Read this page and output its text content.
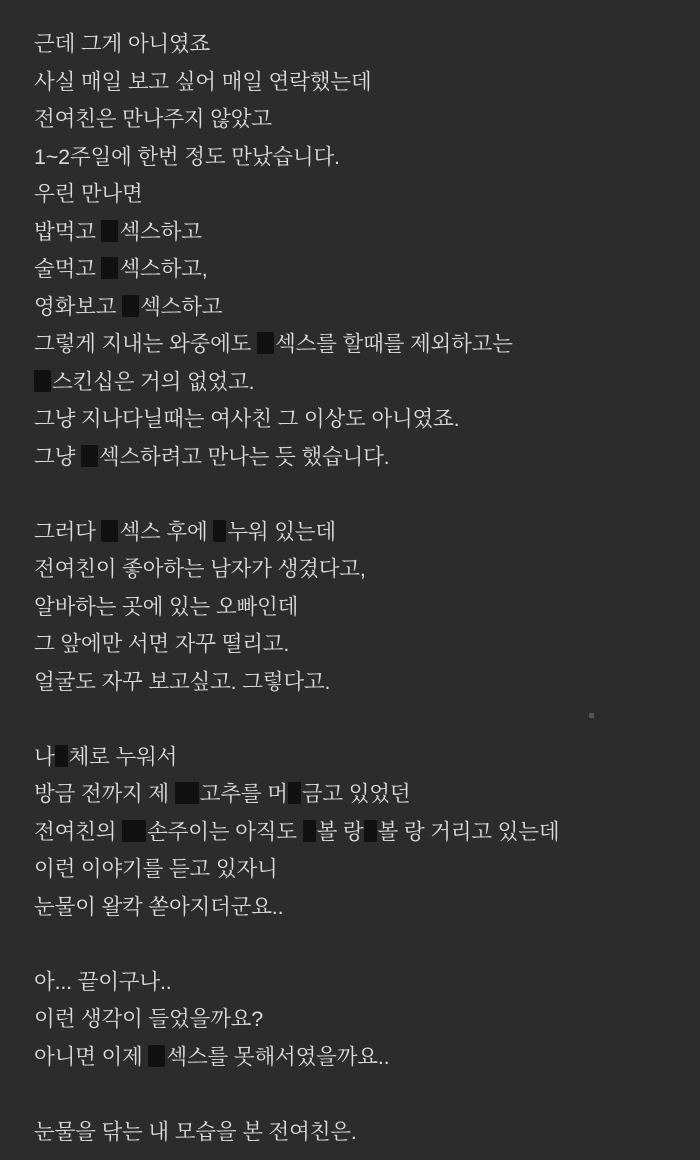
근데 그게 아니였죠
사실 매일 보고 싶어 매일 연락했는데
전여친은 만나주지 않았고
1~2주일에 한번 정도 만났습니다.
우린 만나면
밥먹고 섹스하고
술먹고 섹스하고,
영화보고 섹스하고
그렇게 지내는 와중에도 섹스를 할때를 제외하고는
스킨십은 거의 없었고.
그냥 지나다닐때는 여사친 그 이상도 아니였죠.
그냥 섹스하려고 만나는 듯 했습니다.
그러다 섹스 후에 누워 있는데
전여친이 좋아하는 남자가 생겼다고,
알바하는 곳에 있는 오빠인데
그 앞에만 서면 자꾸 떨리고.
얼굴도 자꾸 보고싶고. 그렇다고.
나 체로 누워서
방금 전까지 제 고추를 머 금고 있었던
전여친의 손주이는 아직도 볼 랑 볼 랑 거리고 있는데
이런 이야기를 듣고 있자니
눈물이 왈칵 쏟아지더군요..
아... 끝이구나..
이런 생각이 들었을까요?
아니면 이제 섹스를 못해서였을까요..
눈물을 닦는 내 모습을 본 전여친은.
